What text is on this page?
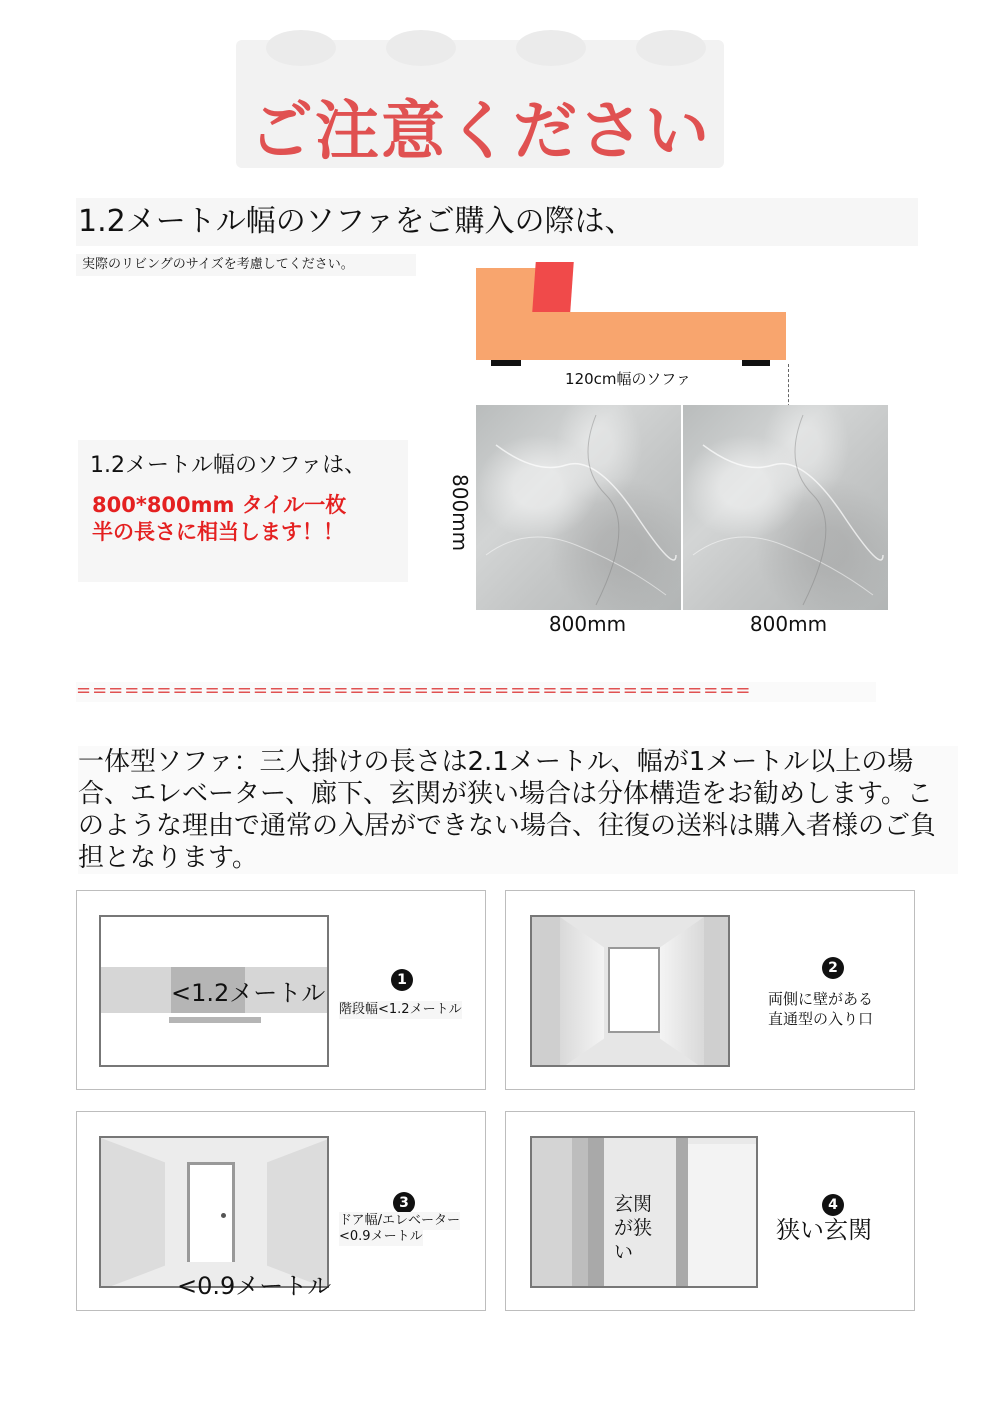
ご注意ください
1.2メートル幅のソファをご購入の際は、
実際のリビングのサイズを考慮してください。
120cm幅のソファ
800mm	800mm
800mm
1.2メートル幅のソファは、
800*800mm タイル一枚半の長さに相当します！！
==========================================
一体型ソファ：三人掛けの長さは2.1メートル、幅が1メートル以上の場合、エレベーター、廊下、玄関が狭い場合は分体構造をお勧めします。このような理由で通常の入居ができない場合、往復の送料は購入者様のご負担となります。
<1.2メートル	1
階段幅<1.2メートル
2
両側に壁がある
直通型の入り口
<0.9メートル
3
ドア幅/エレベーター
<0.9メートル
玄関が狭い
4
狭い玄関
